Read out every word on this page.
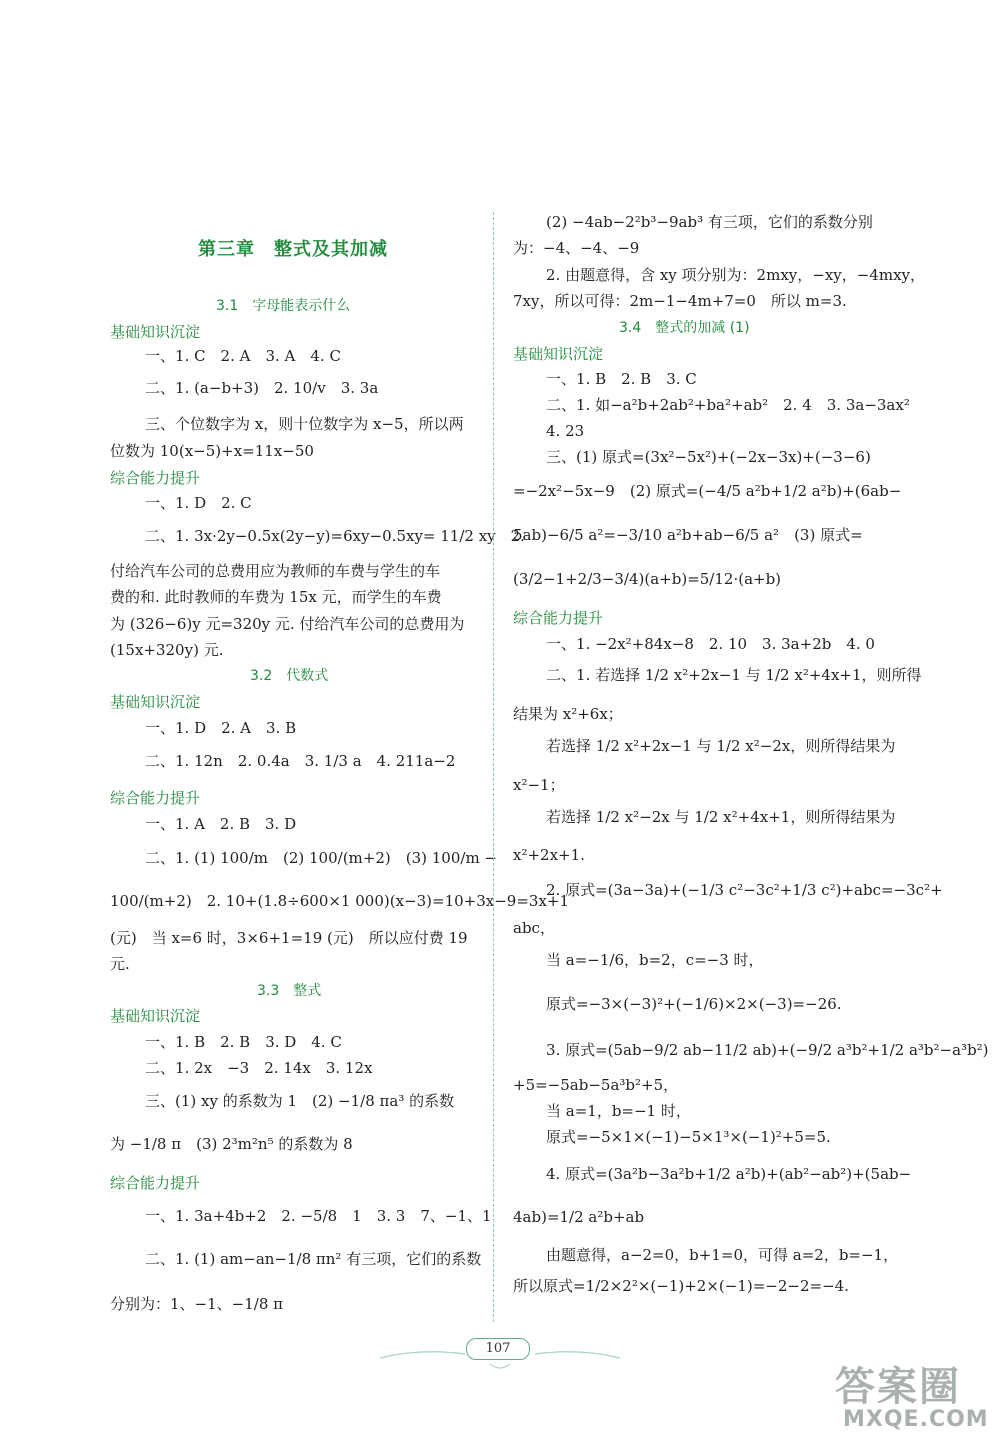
第三章　整式及其加减
3.1　字母能表示什么
基础知识沉淀
一、1. C　2. A　3. A　4. C
二、1. (a−b+3)　2. 10/v　3. 3a
三、个位数字为 x，则十位数字为 x−5，所以两
位数为 10(x−5)+x=11x−50
综合能力提升
一、1. D　2. C
二、1. 3x·2y−0.5x(2y−y)=6xy−0.5xy= 11/2 xy　2.
付给汽车公司的总费用应为教师的车费与学生的车
费的和. 此时教师的车费为 15x 元，而学生的车费
为 (326−6)y 元=320y 元. 付给汽车公司的总费用为
(15x+320y) 元.
3.2　代数式
基础知识沉淀
一、1. D　2. A　3. B
二、1. 12n　2. 0.4a　3. 1/3 a　4. 211a−2
综合能力提升
一、1. A　2. B　3. D
二、1. (1) 100/m　(2) 100/(m+2)　(3) 100/m −
100/(m+2)　2. 10+(1.8÷600×1 000)(x−3)=10+3x−9=3x+1
(元)　当 x=6 时，3×6+1=19 (元)　所以应付费 19
元.
3.3　整式
基础知识沉淀
一、1. B　2. B　3. D　4. C
二、1. 2x　−3　2. 14x　3. 12x
三、(1) xy 的系数为 1　(2) −1/8 πa³ 的系数
为 −1/8 π　(3) 2³m²n⁵ 的系数为 8
综合能力提升
一、1. 3a+4b+2　2. −5/8　1　3. 3　7、−1、1
二、1. (1) am−an−1/8 πn² 有三项，它们的系数
分别为：1、−1、−1/8 π
(2) −4ab−2²b³−9ab³ 有三项，它们的系数分别
为：−4、−4、−9
2. 由题意得，含 xy 项分别为：2mxy，−xy，−4mxy，
7xy，所以可得：2m−1−4m+7=0　所以 m=3.
3.4　整式的加减 (1)
基础知识沉淀
一、1. B　2. B　3. C
二、1. 如−a²b+2ab²+ba²+ab²　2. 4　3. 3a−3ax²
4. 23
三、(1) 原式=(3x²−5x²)+(−2x−3x)+(−3−6)
=−2x²−5x−9　(2) 原式=(−4/5 a²b+1/2 a²b)+(6ab−
5ab)−6/5 a²=−3/10 a²b+ab−6/5 a²　(3) 原式=
(3/2−1+2/3−3/4)(a+b)=5/12·(a+b)
综合能力提升
一、1. −2x²+84x−8　2. 10　3. 3a+2b　4. 0
二、1. 若选择 1/2 x²+2x−1 与 1/2 x²+4x+1，则所得
结果为 x²+6x；
若选择 1/2 x²+2x−1 与 1/2 x²−2x，则所得结果为
x²−1；
若选择 1/2 x²−2x 与 1/2 x²+4x+1，则所得结果为
x²+2x+1.
2. 原式=(3a−3a)+(−1/3 c²−3c²+1/3 c²)+abc=−3c²+
abc，
当 a=−1/6，b=2，c=−3 时，
原式=−3×(−3)²+(−1/6)×2×(−3)=−26.
3. 原式=(5ab−9/2 ab−11/2 ab)+(−9/2 a³b²+1/2 a³b²−a³b²)
+5=−5ab−5a³b²+5，
当 a=1，b=−1 时，
原式=−5×1×(−1)−5×1³×(−1)²+5=5.
4. 原式=(3a²b−3a²b+1/2 a²b)+(ab²−ab²)+(5ab−
4ab)=1/2 a²b+ab
由题意得，a−2=0，b+1=0，可得 a=2，b=−1，
所以原式=1/2×2²×(−1)+2×(−1)=−2−2=−4.
107
答案圈
MXQE.COM
